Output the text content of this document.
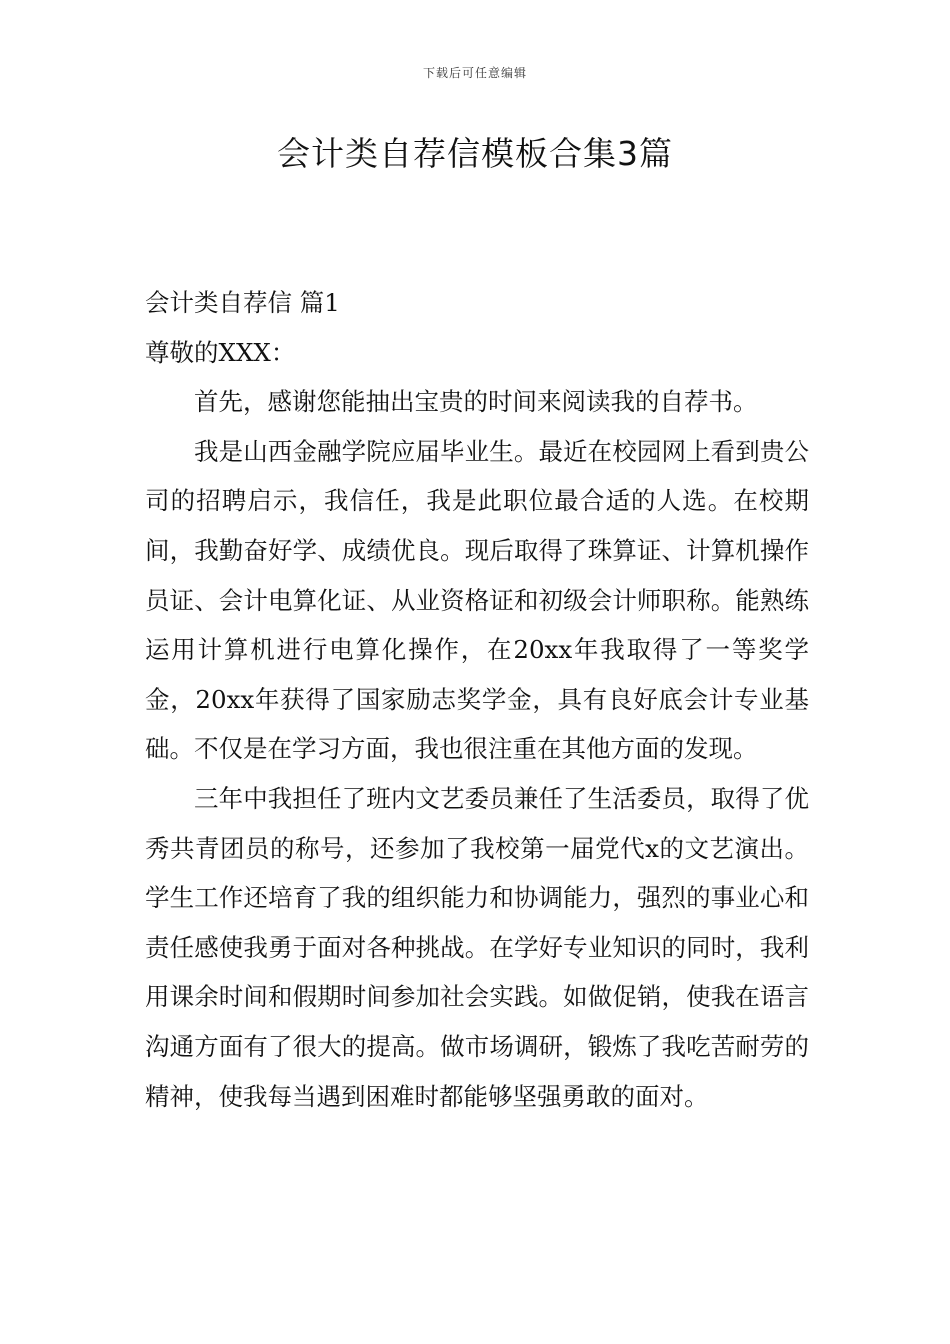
下载后可任意编辑
会计类自荐信模板合集3篇

会计类自荐信 篇1

尊敬的XXX：

首先，感谢您能抽出宝贵的时间来阅读我的自荐书。

我是山西金融学院应届毕业生。最近在校园网上看到贵公司的招聘启示，我信任，我是此职位最合适的人选。在校期间，我勤奋好学、成绩优良。现后取得了珠算证、计算机操作员证、会计电算化证、从业资格证和初级会计师职称。能熟练运用计算机进行电算化操作，在20xx年我取得了一等奖学金，20xx年获得了国家励志奖学金，具有良好底会计专业基础。不仅是在学习方面，我也很注重在其他方面的发现。

三年中我担任了班内文艺委员兼任了生活委员，取得了优秀共青团员的称号，还参加了我校第一届党代x的文艺演出。学生工作还培育了我的组织能力和协调能力，强烈的事业心和责任感使我勇于面对各种挑战。在学好专业知识的同时，我利用课余时间和假期时间参加社会实践。如做促销，使我在语言沟通方面有了很大的提高。做市场调研，锻炼了我吃苦耐劳的精神，使我每当遇到困难时都能够坚强勇敢的面对。
